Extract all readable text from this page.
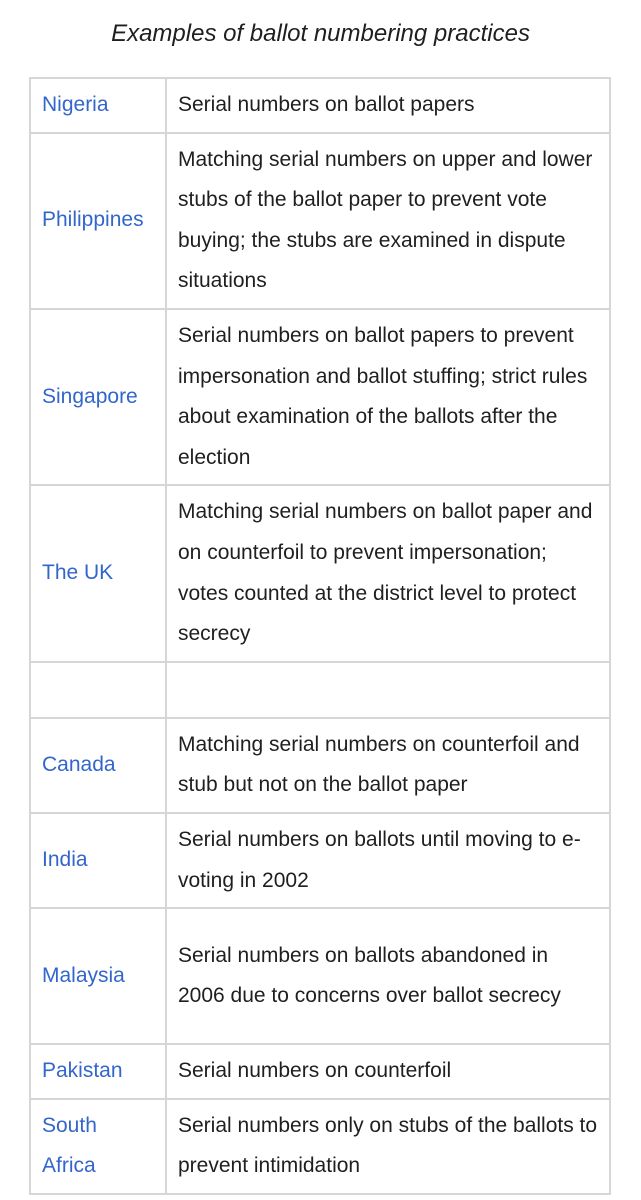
Examples of ballot numbering practices
Nigeria	Serial numbers on ballot papers
Philippines	Matching serial numbers on upper and lower stubs of the ballot paper to prevent vote buying; the stubs are examined in dispute situations
Singapore	Serial numbers on ballot papers to prevent impersonation and ballot stuffing; strict rules about examination of the ballots after the election
The UK	Matching serial numbers on ballot paper and on counterfoil to prevent impersonation; votes counted at the district level to protect secrecy

Canada	Matching serial numbers on counterfoil and stub but not on the ballot paper
India	Serial numbers on ballots until moving to e-voting in 2002
Malaysia	Serial numbers on ballots abandoned in 2006 due to concerns over ballot secrecy
Pakistan	Serial numbers on counterfoil
South Africa	Serial numbers only on stubs of the ballots to prevent intimidation
